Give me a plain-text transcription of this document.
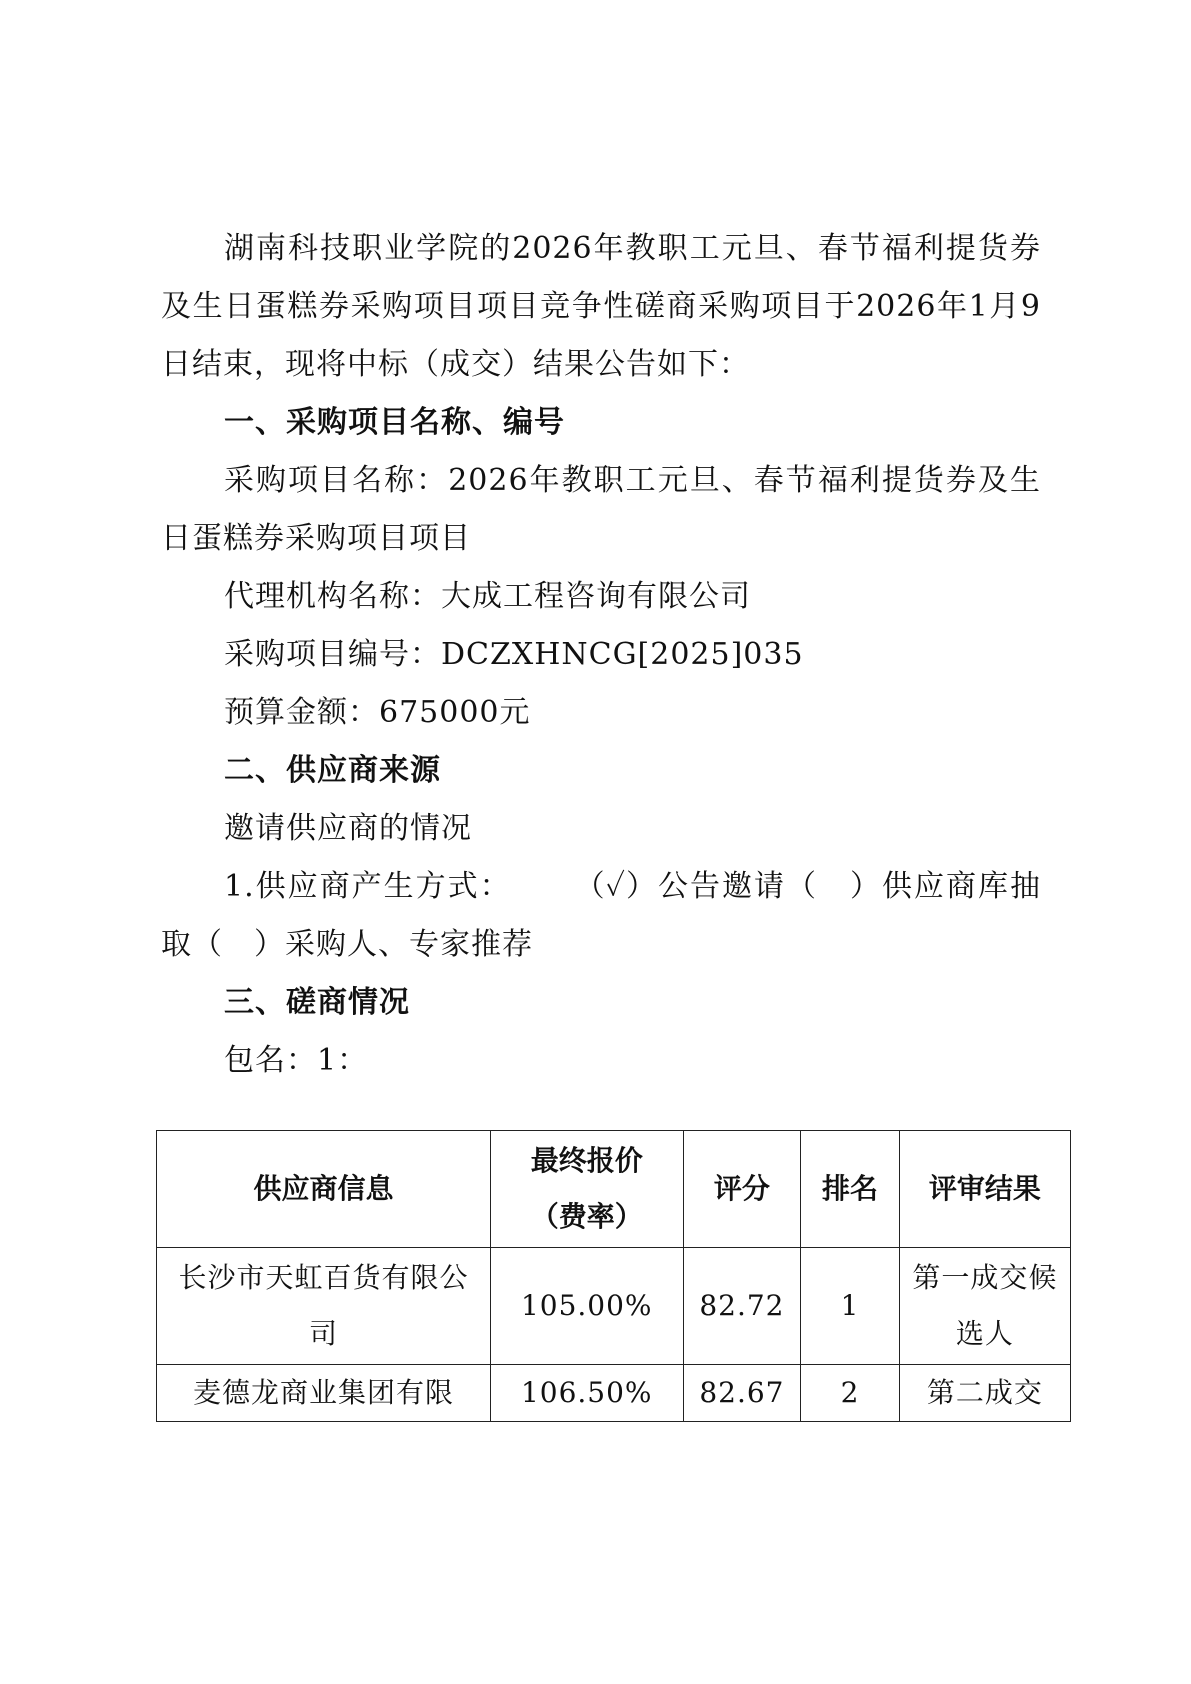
湖南科技职业学院的2026年教职工元旦、春节福利提货券及生日蛋糕券采购项目项目竞争性磋商采购项目于2026年1月9日结束，现将中标（成交）结果公告如下：

一、采购项目名称、编号

采购项目名称：2026年教职工元旦、春节福利提货券及生日蛋糕券采购项目项目

代理机构名称：大成工程咨询有限公司

采购项目编号：DCZXHNCG[2025]035

预算金额：675000元

二、供应商来源

邀请供应商的情况

1.供应商产生方式： （✓）公告邀请（　）供应商库抽取（　）采购人、专家推荐

三、磋商情况

包名：1：

供应商信息	最终报价（费率）	评分	排名	评审结果
长沙市天虹百货有限公司	105.00%	82.72	1	第一成交候选人
麦德龙商业集团有限	106.50%	82.67	2	第二成交
